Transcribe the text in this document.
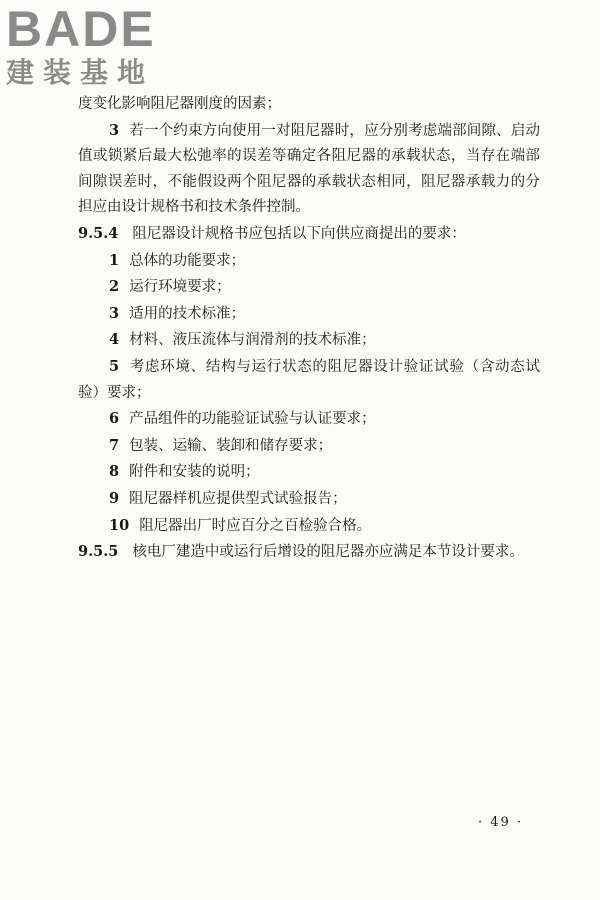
BADE
建装基地

度变化影响阻尼器刚度的因素；

3 若一个约束方向使用一对阻尼器时，应分别考虑端部间隙、启动值或锁紧后最大松弛率的误差等确定各阻尼器的承载状态，当存在端部间隙误差时，不能假设两个阻尼器的承载状态相同，阻尼器承载力的分担应由设计规格书和技术条件控制。

9.5.4 阻尼器设计规格书应包括以下向供应商提出的要求：

1 总体的功能要求；

2 运行环境要求；

3 适用的技术标准；

4 材料、液压流体与润滑剂的技术标准；

5 考虑环境、结构与运行状态的阻尼器设计验证试验（含动态试验）要求；

6 产品组件的功能验证试验与认证要求；

7 包装、运输、装卸和储存要求；

8 附件和安装的说明；

9 阻尼器样机应提供型式试验报告；

10 阻尼器出厂时应百分之百检验合格。

9.5.5 核电厂建造中或运行后增设的阻尼器亦应满足本节设计要求。

· 49 ·
